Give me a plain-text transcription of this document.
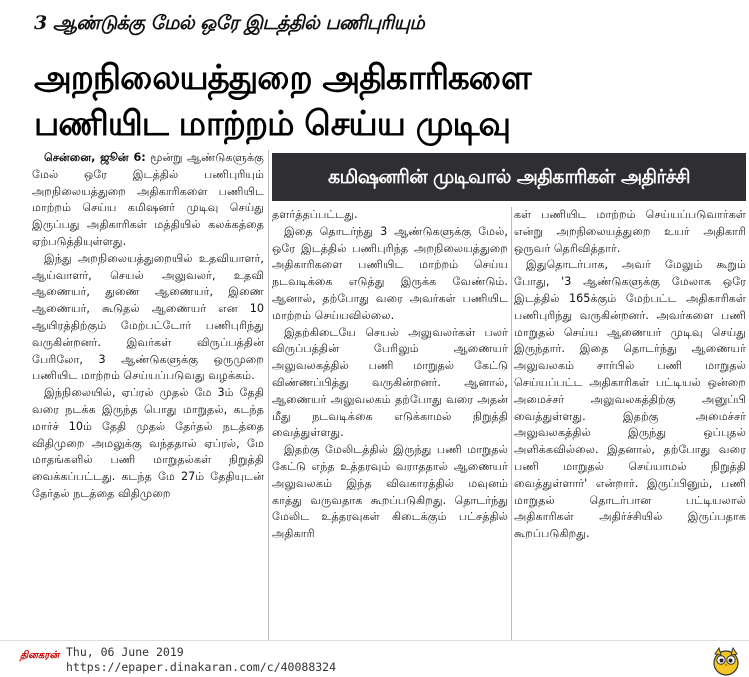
3 ஆண்டுக்கு மேல் ஒரே இடத்தில் பணிபுரியும்
அறநிலையத்துறை அதிகாரிகளை
பணியிட மாற்றம் செய்ய முடிவு
கமிஷனரின் முடிவால் அதிகாரிகள் அதிர்ச்சி

சென்னை, ஜூன் 6: மூன்று ஆண்டுகளுக்கு மேல் ஒரே இடத்தில் பணிபுரியும் அறநிலையத்துறை அதிகாரிகளை பணியிட மாற்றம் செய்ய கமிஷனர் முடிவு செய்து இருப்பது அதிகாரிகள் மத்தியில் கலக்கத்தை ஏற்படுத்தியுள்ளது.

இந்து அறநிலையத்துறையில் உதவியாளர், ஆய்வாளர், செயல் அலுவலர், உதவி ஆணையர், துணை ஆணையர், இணை ஆணையர், கூடுதல் ஆணையர் என 10 ஆயிரத்திற்கும் மேற்பட்டோர் பணிபுரிந்து வருகின்றனர். இவர்கள் விருப்பத்தின் பேரிலோ, 3 ஆண்டுகளுக்கு ஒருமுறை பணியிட மாற்றம் செய்யப்படுவது வழக்கம்.

இந்நிலையில், ஏப்ரல் முதல் மே 3ம் தேதி வரை நடக்க இருந்த பொது மாறுதல், கடந்த மார்ச் 10ம் தேதி முதல் தேர்தல் நடத்தை விதிமுறை அமலுக்கு வந்ததால் ஏப்ரல், மே மாதங்களில் பணி மாறுதல்கள் நிறுத்தி வைக்கப்பட்டது. கடந்த மே 27ம் தேதியுடன் தேர்தல் நடத்தை விதிமுறை

தளர்த்தப்பட்டது.

இதை தொடர்ந்து 3 ஆண்டுகளுக்கு மேல், ஒரே இடத்தில் பணிபுரிந்த அறநிலையத்துறை அதிகாரிகளை பணியிட மாற்றம் செய்ய நடவடிக்கை எடுத்து இருக்க வேண்டும். ஆனால், தற்போது வரை அவர்கள் பணியிட மாற்றம் செய்யவில்லை.

இதற்கிடையே செயல் அலுவலர்கள் பலர் விருப்பத்தின் பேரிலும் ஆணையர் அலுவலகத்தில் பணி மாறுதல் கேட்டு விண்ணப்பித்து வருகின்றனர். ஆனால், ஆணையர் அலுவலகம் தற்போது வரை அதன் மீது நடவடிக்கை எடுக்காமல் நிறுத்தி வைத்துள்ளது.

இதற்கு மேலிடத்தில் இருந்து பணி மாறுதல் கேட்டு எந்த உத்தரவும் வராததால் ஆணையர் அலுவலகம் இந்த விவகாரத்தில் மவுனம் காத்து வருவதாக கூறப்படுகிறது. தொடர்ந்து மேலிட உத்தரவுகள் கிடைக்கும் பட்சத்தில் அதிகாரி

கள் பணியிட மாற்றம் செய்யப்படுவார்கள் என்று அறநிலையத்துறை உயர் அதிகாரி ஒருவர் தெரிவித்தார்.

இதுதொடர்பாக, அவர் மேலும் கூறும் போது, '3 ஆண்டுகளுக்கு மேலாக ஒரே இடத்தில் 165க்கும் மேற்பட்ட அதிகாரிகள் பணிபுரிந்து வருகின்றனர். அவர்களை பணி மாறுதல் செய்ய ஆணையர் முடிவு செய்து இருந்தார். இதை தொடர்ந்து ஆணையர் அலுவலகம் சார்பில் பணி மாறுதல் செய்யப்பட்ட அதிகாரிகள் பட்டியல் ஒன்றை அமைச்சர் அலுவலகத்திற்கு அனுப்பி வைத்துள்ளது. இதற்கு அமைச்சர் அலுவலகத்தில் இருந்து ஒப்புதல் அளிக்கவில்லை. இதனால், தற்போது வரை பணி மாறுதல் செய்யாமல் நிறுத்தி வைத்துள்ளார்' என்றார். இருப்பினும், பணி மாறுதல் தொடர்பான பட்டியலால் அதிகாரிகள் அதிர்ச்சியில் இருப்பதாக கூறப்படுகிறது.

தினகரன் Thu, 06 June 2019
https://epaper.dinakaran.com/c/40088324
